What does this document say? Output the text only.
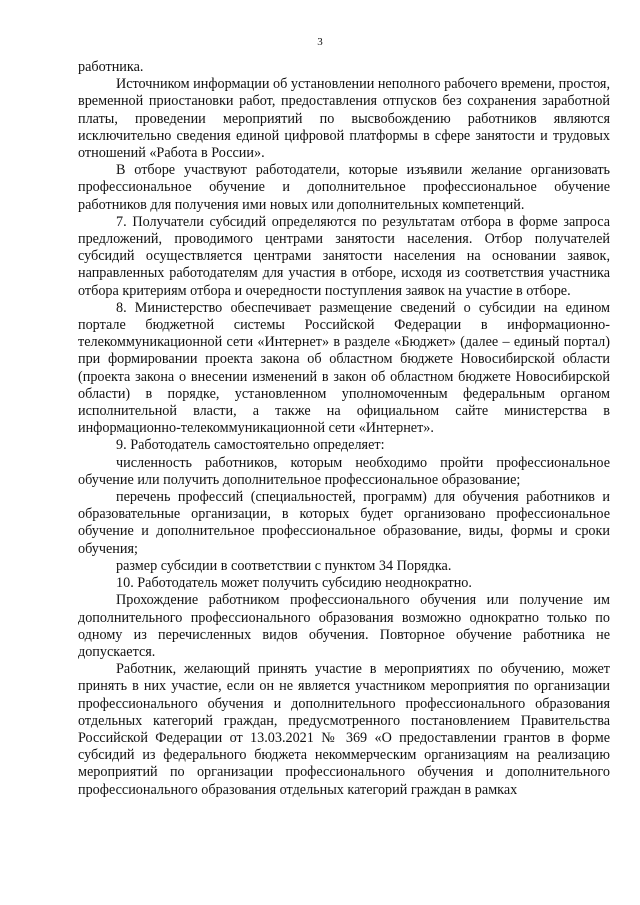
3

работника.

Источником информации об установлении неполного рабочего времени, простоя, временной приостановки работ, предоставления отпусков без сохранения заработной платы, проведении мероприятий по высвобождению работников являются исключительно сведения единой цифровой платформы в сфере занятости и трудовых отношений «Работа в России».

В отборе участвуют работодатели, которые изъявили желание организовать профессиональное обучение и дополнительное профессиональное обучение работников для получения ими новых или дополнительных компетенций.

7. Получатели субсидий определяются по результатам отбора в форме запроса предложений, проводимого центрами занятости населения. Отбор получателей субсидий осуществляется центрами занятости населения на основании заявок, направленных работодателям для участия в отборе, исходя из соответствия участника отбора критериям отбора и очередности поступления заявок на участие в отборе.

8. Министерство обеспечивает размещение сведений о субсидии на едином портале бюджетной системы Российской Федерации в информационно-телекоммуникационной сети «Интернет» в разделе «Бюджет» (далее – единый портал) при формировании проекта закона об областном бюджете Новосибирской области (проекта закона о внесении изменений в закон об областном бюджете Новосибирской области) в порядке, установленном уполномоченным федеральным органом исполнительной власти, а также на официальном сайте министерства в информационно-телекоммуникационной сети «Интернет».

9. Работодатель самостоятельно определяет:

численность работников, которым необходимо пройти профессиональное обучение или получить дополнительное профессиональное образование;

перечень профессий (специальностей, программ) для обучения работников и образовательные организации, в которых будет организовано профессиональное обучение и дополнительное профессиональное образование, виды, формы и сроки обучения;

размер субсидии в соответствии с пунктом 34 Порядка.

10. Работодатель может получить субсидию неоднократно.

Прохождение работником профессионального обучения или получение им дополнительного профессионального образования возможно однократно только по одному из перечисленных видов обучения. Повторное обучение работника не допускается.

Работник, желающий принять участие в мероприятиях по обучению, может принять в них участие, если он не является участником мероприятия по организации профессионального обучения и дополнительного профессионального образования отдельных категорий граждан, предусмотренного постановлением Правительства Российской Федерации от 13.03.2021 № 369 «О предоставлении грантов в форме субсидий из федерального бюджета некоммерческим организациям на реализацию мероприятий по организации профессионального обучения и дополнительного профессионального образования отдельных категорий граждан в рамках
